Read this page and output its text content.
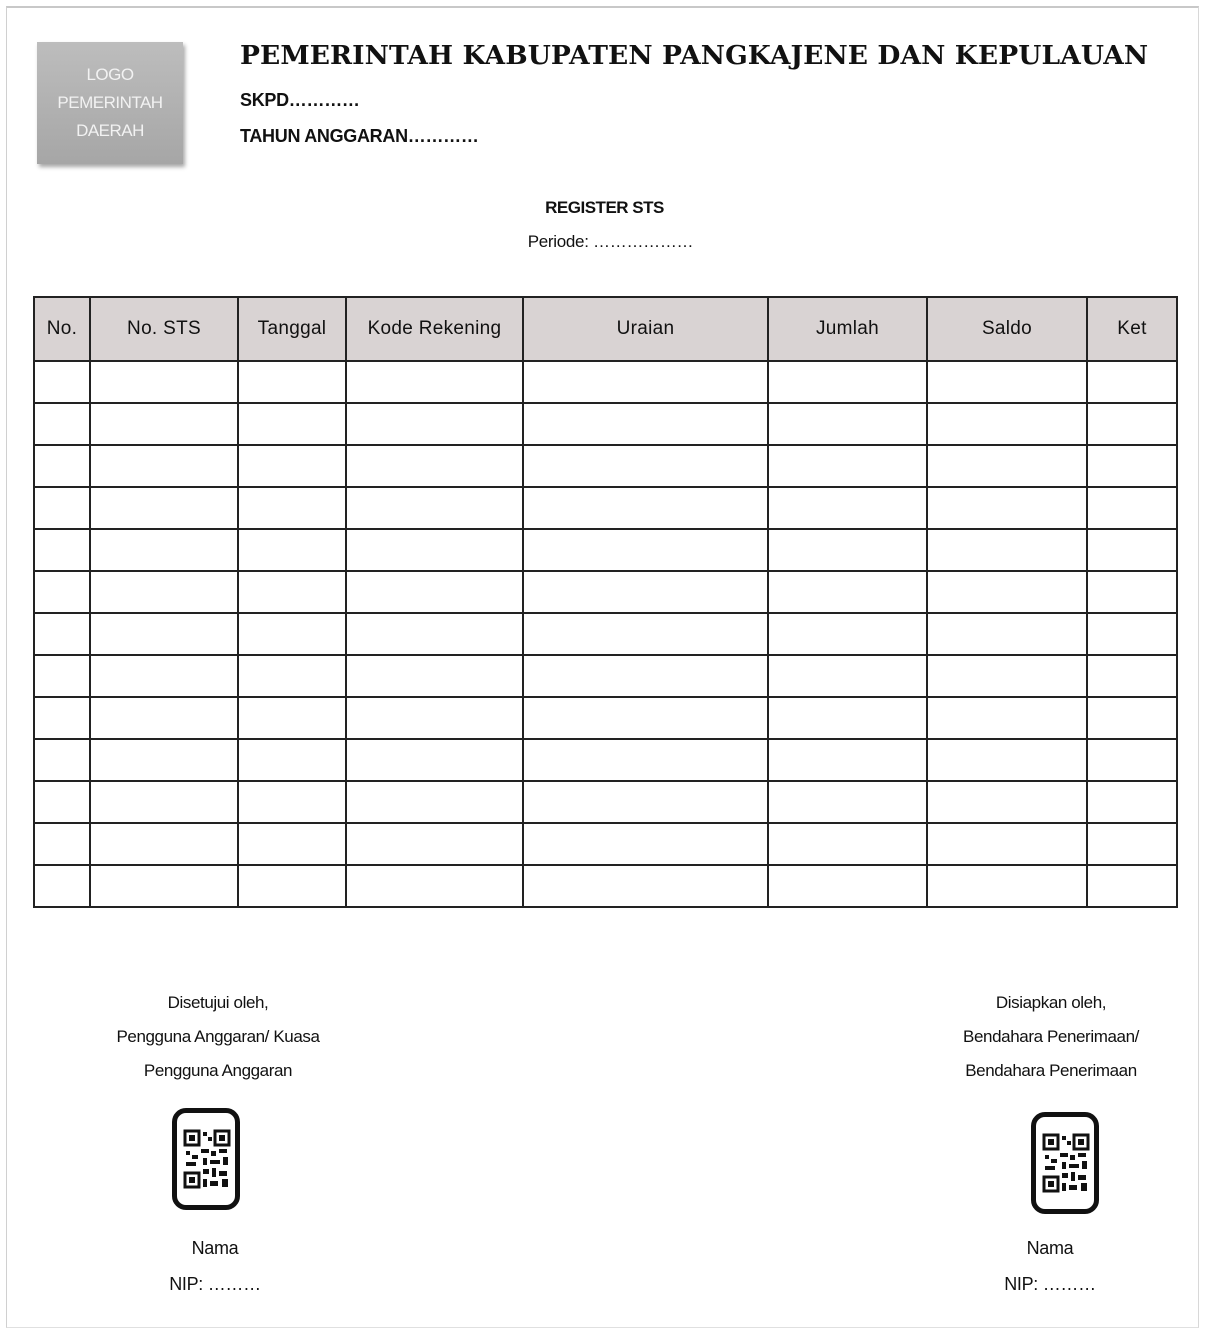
LOGO
PEMERINTAH
DAERAH
PEMERINTAH KABUPATEN PANGKAJENE DAN KEPULAUAN
SKPD…………
TAHUN ANGGARAN…………
REGISTER STS
Periode: ………………
No.	No. STS	Tanggal	Kode Rekening	Uraian	Jumlah	Saldo	Ket

Disetujui oleh,
Pengguna Anggaran/ Kuasa
Pengguna Anggaran
Nama
NIP: ………
Disiapkan oleh,
Bendahara Penerimaan/
Bendahara Penerimaan
Nama
NIP: ………
